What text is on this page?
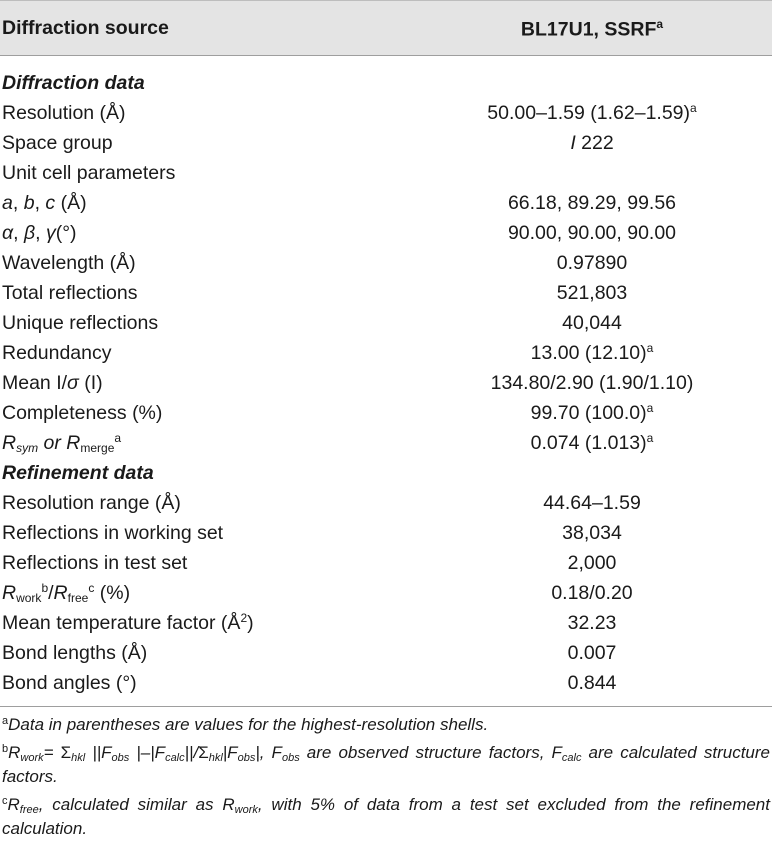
Diffraction source	BL17U1, SSRF$^a$
Diffraction data
Resolution (Å)	50.00–1.59 $(1.62-1.59)^a$
Space group	I 222
Unit cell parameters
a, b, c (Å)	66.18, 89.29, 99.56
α, β, γ(°)	90.00, 90.00, 90.00
Wavelength (Å)	0.97890
Total reflections	521,803
Unique reflections	40,044
Redundancy	13.00 $(12.10)^a$
Mean I/σ (I)	134.80/2.90 (1.90/1.10)
Completeness (%)	99.70 $(100.0)^a$
$R_{sym}$ or $R_{merge}^a$	0.074 $(1.013)^a$
Refinement data
Resolution range (Å)	44.64–1.59
Reflections in working set	38,034
Reflections in test set	2,000
$R_{work}^b/R_{free}^c$ (%)	0.18/0.20
Mean temperature factor $(Å^2)$	32.23
Bond lengths (Å)	0.007
Bond angles (°)	0.844

$^a$Data in parentheses are values for the highest-resolution shells.

$^bR_{work}= \Sigma_{hkl}$ $||F_{obs}$ $|-|F_{calc}||/\Sigma_{hkl}|F_{obs}|$, $F_{obs}$ are observed structure factors, $F_{calc}$ are calculated structure factors.

$^cR_{free}$, calculated similar as $R_{work}$, with 5% of data from a test set excluded from the refinement calculation.
